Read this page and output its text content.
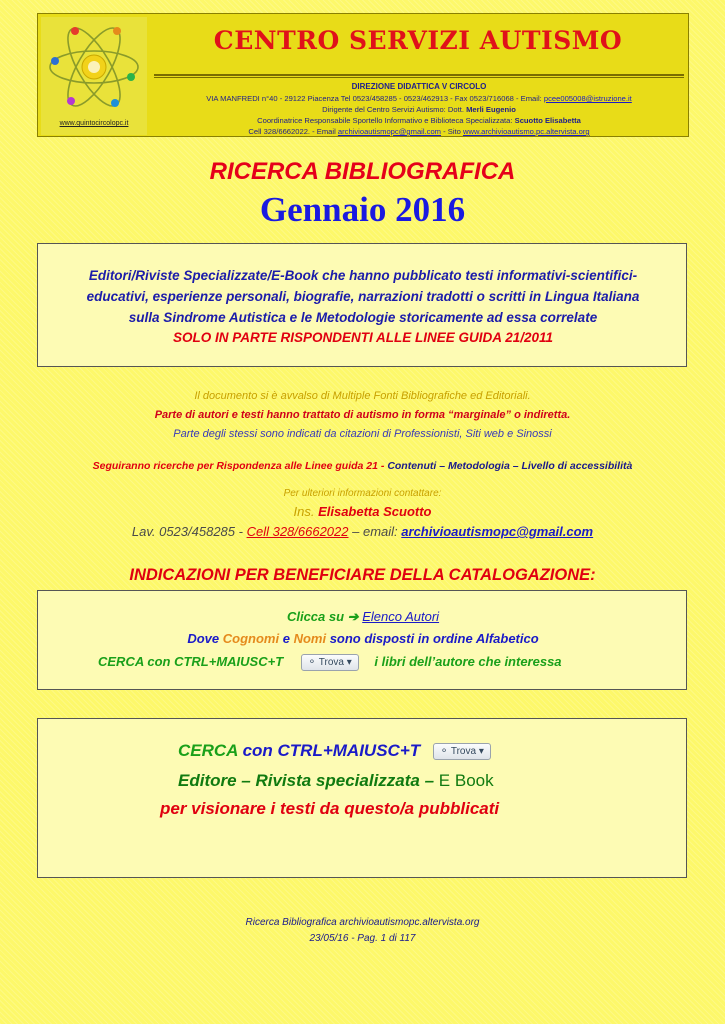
www.quintocircolopc.it
CENTRO SERVIZI AUTISMO
DIREZIONE DIDATTICA V CIRCOLO
VIA MANFREDI n°40 - 29122 Piacenza Tel 0523/458285 - 0523/462913 - Fax 0523/716068 - Email: pcee005008@istruzione.it
Dirigente del Centro Servizi Autismo: Dott. Merli Eugenio
Coordinatrice Responsabile Sportello Informativo e Biblioteca Specializzata: Scuotto Elisabetta
Cell 328/6662022. - Email archivioautismopc@gmail.com - Sito www.archivioautismo.pc.altervista.org
RICERCA BIBLIOGRAFICA
Gennaio 2016
Editori/Riviste Specializzate/E-Book che hanno pubblicato testi informativi-scientifici-
educativi, esperienze personali, biografie, narrazioni tradotti o scritti in Lingua Italiana
sulla Sindrome Autistica e le Metodologie storicamente ad essa correlate
SOLO IN PARTE RISPONDENTI ALLE LINEE GUIDA 21/2011
Il documento si è avvalso di Multiple Fonti Bibliografiche ed Editoriali.
Parte di autori e testi hanno trattato di autismo in forma “marginale” o indiretta.
Parte degli stessi sono indicati da citazioni di Professionisti, Siti web e Sinossi
Seguiranno ricerche per Rispondenza alle Linee guida 21 - Contenuti – Metodologia – Livello di accessibilità
Per ulteriori informazioni contattare:
Ins. Elisabetta Scuotto
Lav. 0523/458285 - Cell 328/6662022 – email: archivioautismopc@gmail.com
INDICAZIONI PER BENEFICIARE DELLA CATALOGAZIONE:
Clicca su ➔ Elenco Autori
Dove Cognomi e Nomi sono disposti in ordine Alfabetico
CERCA con CTRL+MAIUSC+T ⚬ Trova ▾ i libri dell’autore che interessa
CERCA con CTRL+MAIUSC+T ⚬ Trova ▾
Editore – Rivista specializzata – E Book
per visionare i testi da questo/a pubblicati
Ricerca Bibliografica archivioautismopc.altervista.org
23/05/16 - Pag. 1 di 117
